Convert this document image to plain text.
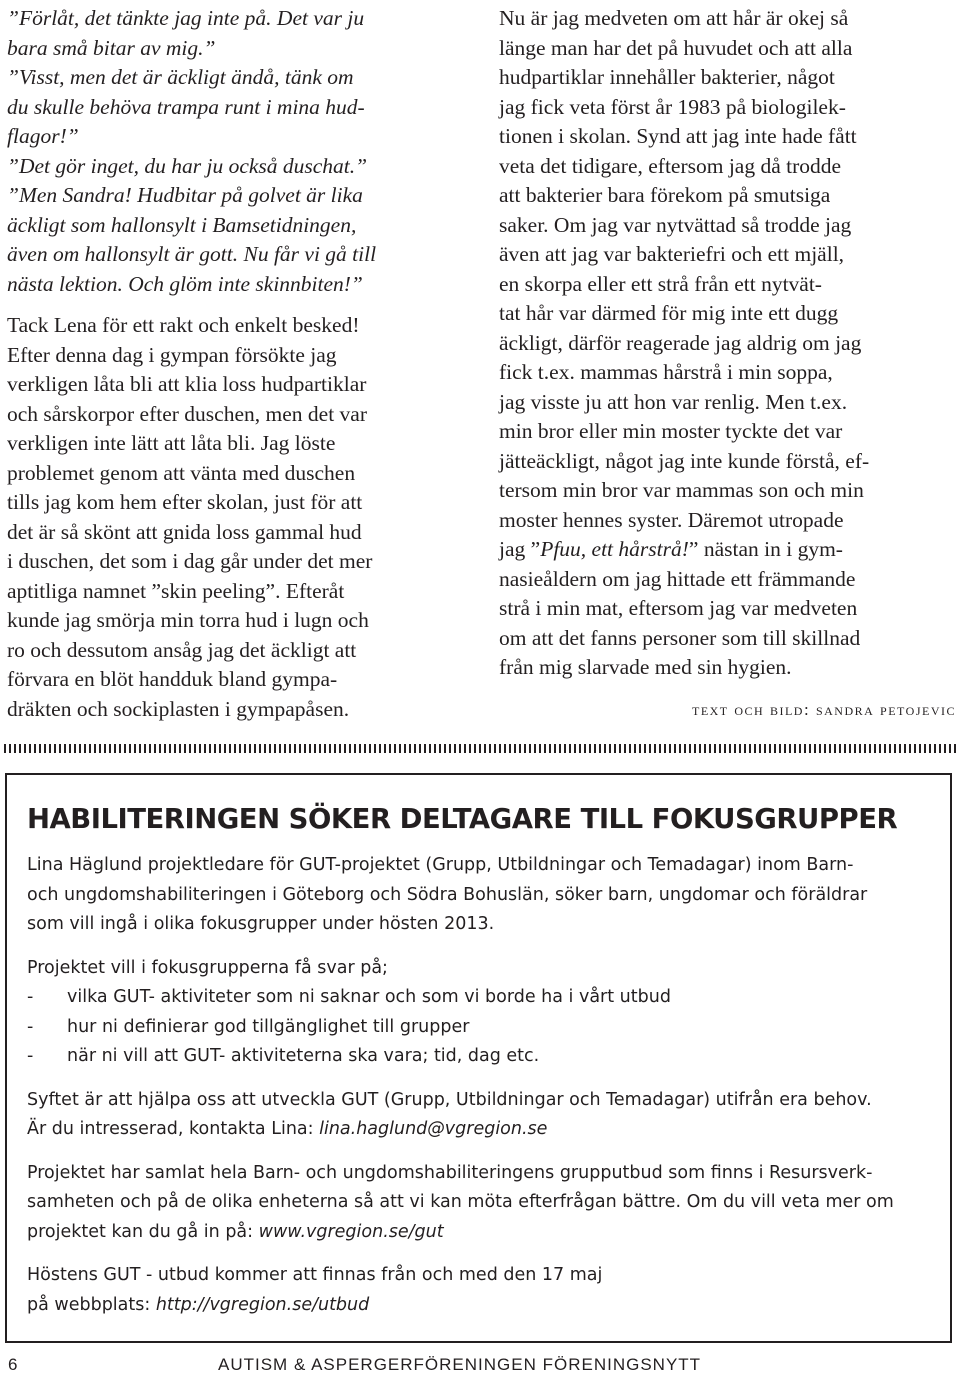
”Förlåt, det tänkte jag inte på. Det var ju
bara små bitar av mig.”
”Visst, men det är äckligt ändå, tänk om
du skulle behöva trampa runt i mina hud-
flagor!”
”Det gör inget, du har ju också duschat.”
”Men Sandra! Hudbitar på golvet är lika
äckligt som hallonsylt i Bamsetidningen,
även om hallonsylt är gott. Nu får vi gå till
nästa lektion. Och glöm inte skinnbiten!”
Tack Lena för ett rakt och enkelt besked!
Efter denna dag i gympan försökte jag
verkligen låta bli att klia loss hudpartiklar
och sårskorpor efter duschen, men det var
verkligen inte lätt att låta bli. Jag löste
problemet genom att vänta med duschen
tills jag kom hem efter skolan, just för att
det är så skönt att gnida loss gammal hud
i duschen, det som i dag går under det mer
aptitliga namnet ”skin peeling”. Efteråt
kunde jag smörja min torra hud i lugn och
ro och dessutom ansåg jag det äckligt att
förvara en blöt handduk bland gympa-
dräkten och sockiplasten i gympapåsen.
Nu är jag medveten om att hår är okej så
länge man har det på huvudet och att alla
hudpartiklar innehåller bakterier, något
jag fick veta först år 1983 på biologilek-
tionen i skolan. Synd att jag inte hade fått
veta det tidigare, eftersom jag då trodde
att bakterier bara förekom på smutsiga
saker. Om jag var nytvättad så trodde jag
även att jag var bakteriefri och ett mjäll,
en skorpa eller ett strå från ett nytvät-
tat hår var därmed för mig inte ett dugg
äckligt, därför reagerade jag aldrig om jag
fick t.ex. mammas hårstrå i min soppa,
jag visste ju att hon var renlig. Men t.ex.
min bror eller min moster tyckte det var
jätteäckligt, något jag inte kunde förstå, ef-
tersom min bror var mammas son och min
moster hennes syster. Däremot utropade
jag ”Pfuu, ett hårstrå!” nästan in i gym-
nasieåldern om jag hittade ett främmande
strå i min mat, eftersom jag var medveten
om att det fanns personer som till skillnad
från mig slarvade med sin hygien.
text och bild: sandra petojevic
HABILITERINGEN SÖKER DELTAGARE TILL FOKUSGRUPPER

Lina Häglund projektledare för GUT-projektet (Grupp, Utbildningar och Temadagar) inom Barn-
och ungdomshabiliteringen i Göteborg och Södra Bohuslän, söker barn, ungdomar och föräldrar
som vill ingå i olika fokusgrupper under hösten 2013.

Projektet vill i fokusgrupperna få svar på;
- vilka GUT- aktiviteter som ni saknar och som vi borde ha i vårt utbud
- hur ni definierar god tillgänglighet till grupper
- när ni vill att GUT- aktiviteterna ska vara; tid, dag etc.

Syftet är att hjälpa oss att utveckla GUT (Grupp, Utbildningar och Temadagar) utifrån era behov.
Är du intresserad, kontakta Lina: lina.haglund@vgregion.se

Projektet har samlat hela Barn- och ungdomshabiliteringens grupputbud som finns i Resursverk-
samheten och på de olika enheterna så att vi kan möta efterfrågan bättre. Om du vill veta mer om
projektet kan du gå in på: www.vgregion.se/gut

Höstens GUT - utbud kommer att finnas från och med den 17 maj
på webbplats: http://vgregion.se/utbud

6	AUTISM & ASPERGERFÖRENINGEN FÖRENINGSNYTT
